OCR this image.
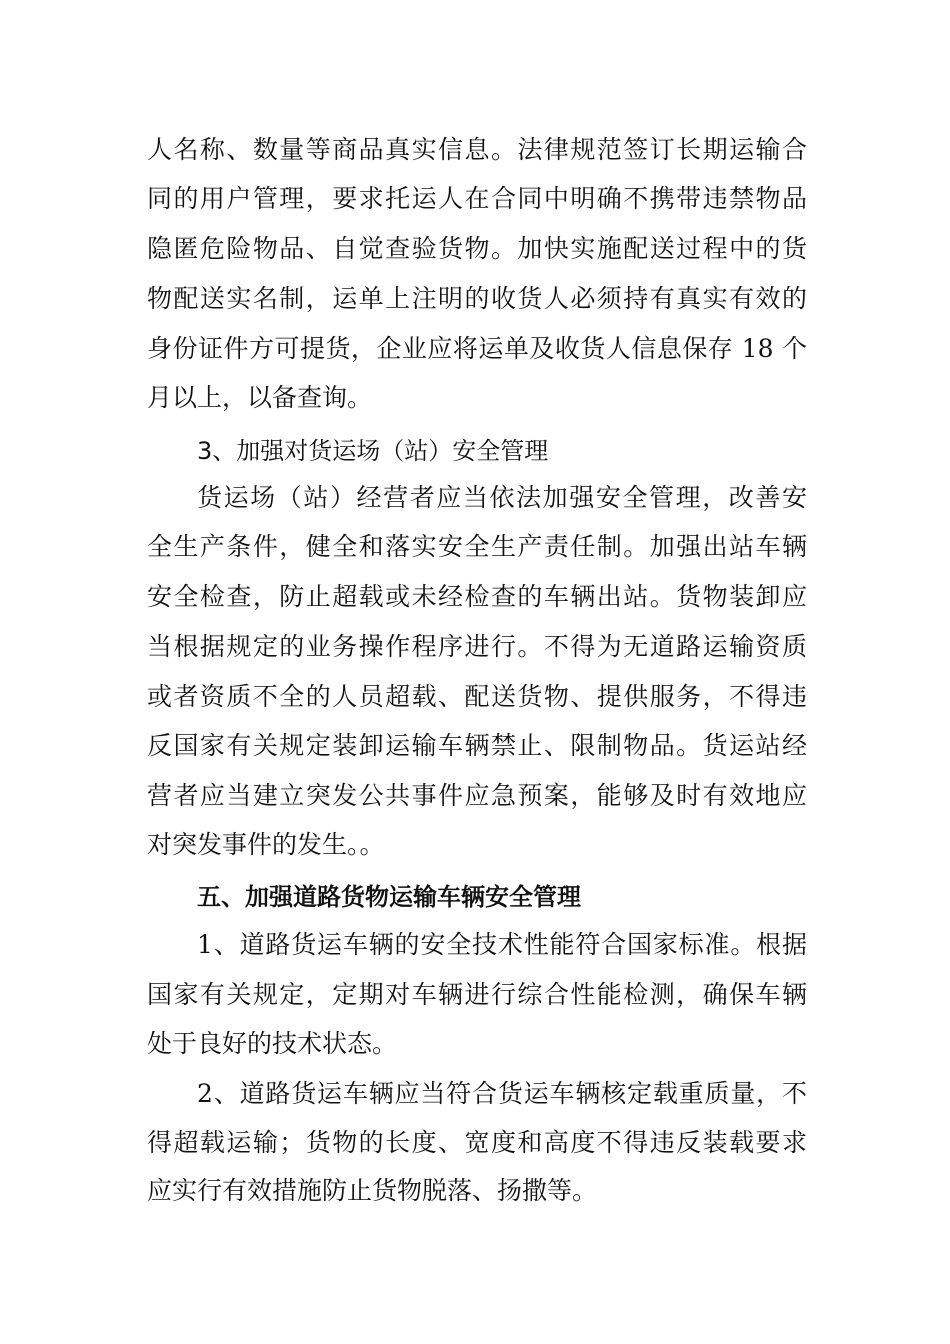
人名称、数量等商品真实信息。法律规范签订长期运输合
同的用户管理，要求托运人在合同中明确不携带违禁物品
隐匿危险物品、自觉查验货物。加快实施配送过程中的货
物配送实名制，运单上注明的收货人必须持有真实有效的
身份证件方可提货，企业应将运单及收货人信息保存 18 个
月以上，以备查询。
3、加强对货运场（站）安全管理
货运场（站）经营者应当依法加强安全管理，改善安
全生产条件，健全和落实安全生产责任制。加强出站车辆
安全检查，防止超载或未经检查的车辆出站。货物装卸应
当根据规定的业务操作程序进行。不得为无道路运输资质
或者资质不全的人员超载、配送货物、提供服务，不得违
反国家有关规定装卸运输车辆禁止、限制物品。货运站经
营者应当建立突发公共事件应急预案，能够及时有效地应
对突发事件的发生。。
五、加强道路货物运输车辆安全管理
1、道路货运车辆的安全技术性能符合国家标准。根据
国家有关规定，定期对车辆进行综合性能检测，确保车辆
处于良好的技术状态。
2、道路货运车辆应当符合货运车辆核定载重质量，不
得超载运输；货物的长度、宽度和高度不得违反装载要求
应实行有效措施防止货物脱落、扬撒等。
